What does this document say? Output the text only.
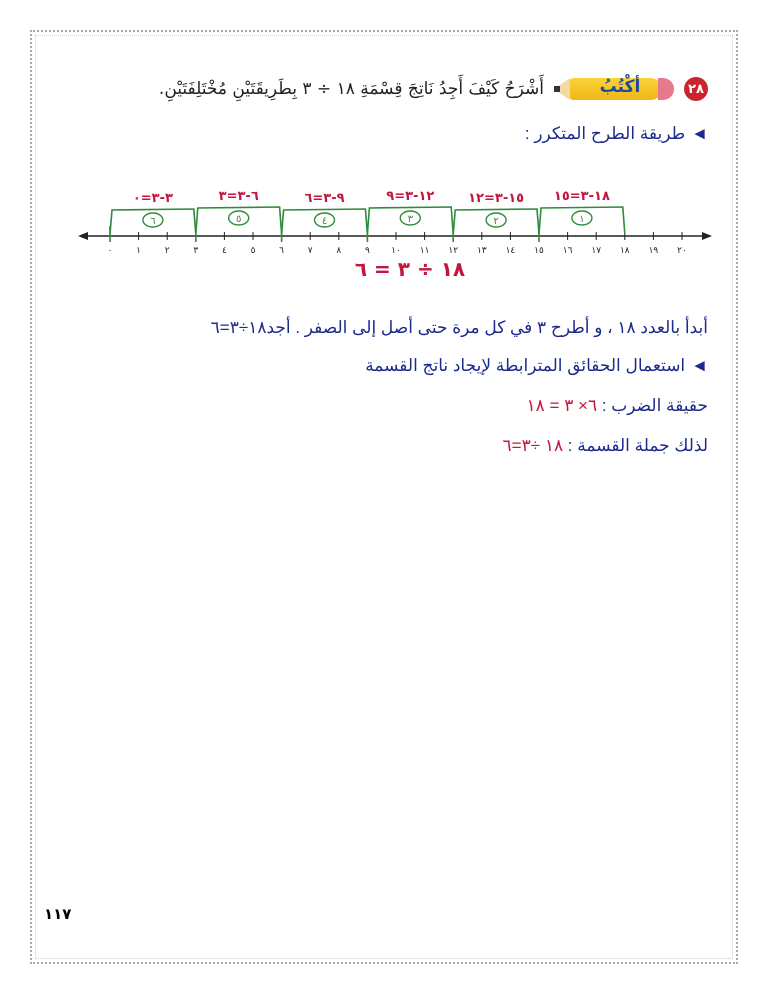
٢٨
أكْتُبُ
أَشْرَحُ كَيْفَ أَجِدُ نَاتِجَ قِسْمَةِ ١٨ ÷ ٣ بِطَرِيقَتَيْنِ مُخْتَلِفَتَيْنِ.
◄طريقة الطرح المتكرر :
٠	١	٢	٣	٤	٥	٦	٧	٨	٩ ١٠ ١١ ١٢ ١٣ ١٤ ١٥ ١٦ ١٧ ١٨ ١٩ ٢٠
٦
٣-٣=٠
٥
٦-٣=٣
٤
٩-٣=٦
٣
١٢-٣=٩
٢
١٥-٣=١٢
١
١٨-٣=١٥
١٨ ÷ ٣ = ٦
أبدأ بالعدد ١٨ ، و أطرح ٣ في كل مرة حتى أصل إلى الصفر . أجد١٨÷٣=٦
◄استعمال الحقائق المترابطة لإيجاد ناتج القسمة
حقيقة الضرب : ٦× ٣ = ١٨
لذلك جملة القسمة : ١٨ ÷٣=٦
١١٧
